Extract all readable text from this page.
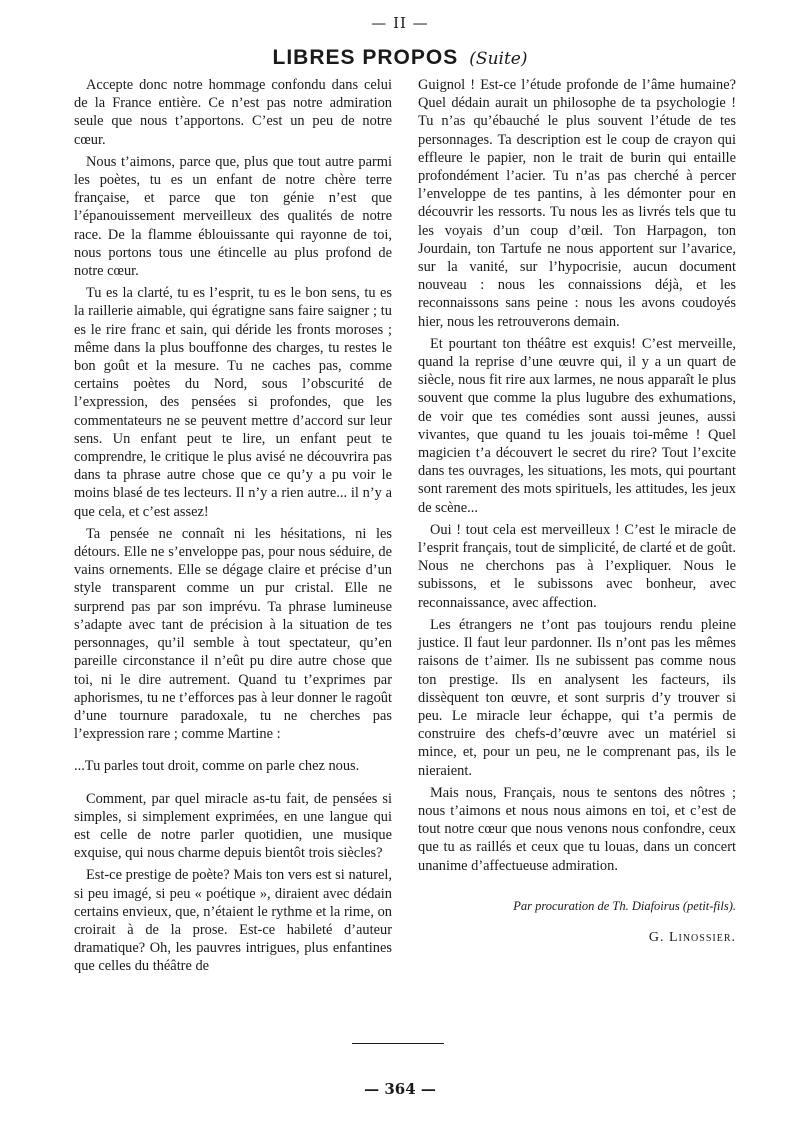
— II —
LIBRES PROPOS (Suite)

Accepte donc notre hommage confondu dans celui de la France entière. Ce n’est pas notre admiration seule que nous t’apportons. C’est un peu de notre cœur.

Nous t’aimons, parce que, plus que tout autre parmi les poètes, tu es un enfant de notre chère terre française, et parce que ton génie n’est que l’épanouissement merveilleux des qualités de notre race. De la flamme éblouissante qui rayonne de toi, nous portons tous une étincelle au plus profond de notre cœur.

Tu es la clarté, tu es l’esprit, tu es le bon sens, tu es la raillerie aimable, qui égratigne sans faire saigner ; tu es le rire franc et sain, qui déride les fronts moroses ; même dans la plus bouffonne des charges, tu restes le bon goût et la mesure. Tu ne caches pas, comme certains poètes du Nord, sous l’obscurité de l’expression, des pensées si profondes, que les commentateurs ne se peuvent mettre d’accord sur leur sens. Un enfant peut te lire, un enfant peut te comprendre, le critique le plus avisé ne découvrira pas dans ta phrase autre chose que ce qu’y a pu voir le moins blasé de tes lecteurs. Il n’y a rien autre... il n’y a que cela, et c’est assez!

Ta pensée ne connaît ni les hésitations, ni les détours. Elle ne s’enveloppe pas, pour nous séduire, de vains ornements. Elle se dégage claire et précise d’un style transparent comme un pur cristal. Elle ne surprend pas par son imprévu. Ta phrase lumineuse s’adapte avec tant de précision à la situation de tes personnages, qu’il semble à tout spectateur, qu’en pareille circonstance il n’eût pu dire autre chose que toi, ni le dire autrement. Quand tu t’exprimes par aphorismes, tu ne t’efforces pas à leur donner le ragoût d’une tournure paradoxale, tu ne cherches pas l’expression rare ; comme Martine :

...Tu parles tout droit, comme on parle chez nous.

Comment, par quel miracle as-tu fait, de pensées si simples, si simplement exprimées, en une langue qui est celle de notre parler quotidien, une musique exquise, qui nous charme depuis bientôt trois siècles?

Est-ce prestige de poète? Mais ton vers est si naturel, si peu imagé, si peu « poétique », diraient avec dédain certains envieux, que, n’étaient le rythme et la rime, on croirait à de la prose. Est-ce habileté d’auteur dramatique? Oh, les pauvres intrigues, plus enfantines que celles du théâtre de

Guignol ! Est-ce l’étude profonde de l’âme humaine? Quel dédain aurait un philosophe de ta psychologie ! Tu n’as qu’ébauché le plus souvent l’étude de tes personnages. Ta description est le coup de crayon qui effleure le papier, non le trait de burin qui entaille profondément l’acier. Tu n’as pas cherché à percer l’enveloppe de tes pantins, à les démonter pour en découvrir les ressorts. Tu nous les as livrés tels que tu les voyais d’un coup d’œil. Ton Harpagon, ton Jourdain, ton Tartufe ne nous apportent sur l’avarice, sur la vanité, sur l’hypocrisie, aucun document nouveau : nous les connaissions déjà, et les reconnaissons sans peine : nous les avons coudoyés hier, nous les retrouverons demain.

Et pourtant ton théâtre est exquis! C’est merveille, quand la reprise d’une œuvre qui, il y a un quart de siècle, nous fit rire aux larmes, ne nous apparaît le plus souvent que comme la plus lugubre des exhumations, de voir que tes comédies sont aussi jeunes, aussi vivantes, que quand tu les jouais toi-même ! Quel magicien t’a découvert le secret du rire? Tout l’excite dans tes ouvrages, les situations, les mots, qui pourtant sont rarement des mots spirituels, les attitudes, les jeux de scène...

Oui ! tout cela est merveilleux ! C’est le miracle de l’esprit français, tout de simplicité, de clarté et de goût. Nous ne cherchons pas à l’expliquer. Nous le subissons, et le subissons avec bonheur, avec reconnaissance, avec affection.

Les étrangers ne t’ont pas toujours rendu pleine justice. Il faut leur pardonner. Ils n’ont pas les mêmes raisons de t’aimer. Ils ne subissent pas comme nous ton prestige. Ils en analysent les facteurs, ils dissèquent ton œuvre, et sont surpris d’y trouver si peu. Le miracle leur échappe, qui t’a permis de construire des chefs-d’œuvre avec un matériel si mince, et, pour un peu, ne le comprenant pas, ils le nieraient.

Mais nous, Français, nous te sentons des nôtres ; nous t’aimons et nous nous aimons en toi, et c’est de tout notre cœur que nous venons nous confondre, ceux que tu as raillés et ceux que tu louas, dans un concert unanime d’affectueuse admiration.

Par procuration de Th. Diafoirus (petit-fils).
G. Linossier.
— 364 —
